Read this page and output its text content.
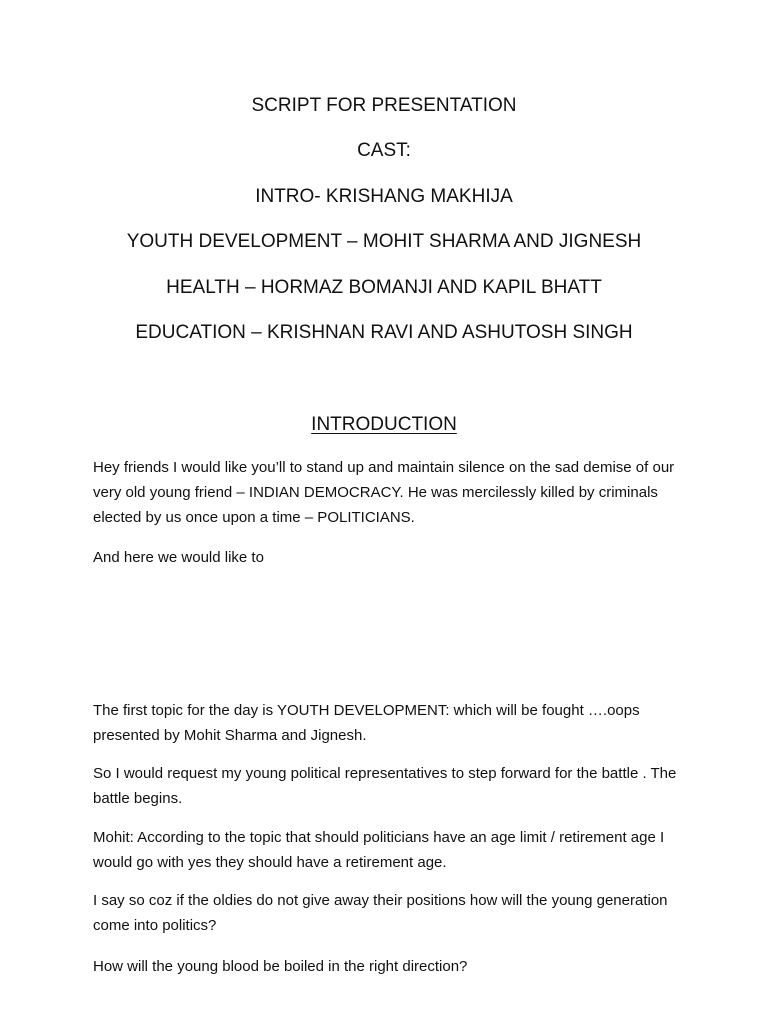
SCRIPT FOR PRESENTATION
CAST:
INTRO- KRISHANG MAKHIJA
YOUTH DEVELOPMENT – MOHIT SHARMA AND JIGNESH
HEALTH – HORMAZ BOMANJI AND KAPIL BHATT
EDUCATION – KRISHNAN RAVI AND ASHUTOSH SINGH
INTRODUCTION

Hey friends I would like you’ll to stand up and maintain silence on the sad demise of our very old young friend – INDIAN DEMOCRACY. He was mercilessly killed by criminals elected by us once upon a time – POLITICIANS.

And here we would like to

The first topic for the day is YOUTH DEVELOPMENT: which will be fought ….oops presented by Mohit Sharma and Jignesh.

So I would request my young political representatives to step forward for the battle . The battle begins.

Mohit: According to the topic that should politicians have an age limit / retirement age I would go with yes they should have a retirement age.

I say so coz if the oldies do not give away their positions how will the young generation come into politics?

How will the young blood be boiled in the right direction?
